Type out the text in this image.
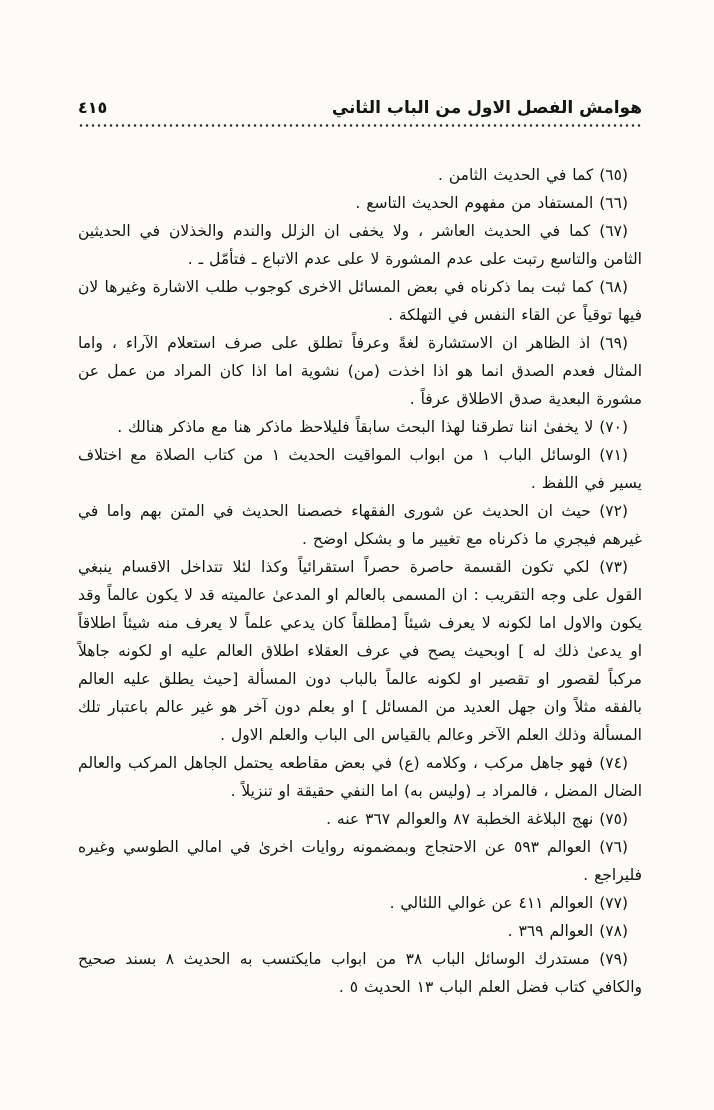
هوامش الفصل الاول من الباب الثاني
٤١٥

(٦٥) كما في الحديث الثامن .

(٦٦) المستفاد من مفهوم الحديث التاسع .

(٦٧) كما في الحديث العاشر ، ولا يخفى ان الزلل والندم والخذلان في الحديثين الثامن والتاسع رتبت على عدم المشورة لا على عدم الاتباع ـ فتأمّل ـ .

(٦٨) كما ثبت بما ذكرناه في بعض المسائل الاخرى كوجوب طلب الاشارة وغيرها لان فيها توقياً عن القاء النفس في التهلكة .

(٦٩) اذ الظاهر ان الاستشارة لغةً وعرفاً تطلق على صرف استعلام الآراء ، واما المثال فعدم الصدق انما هو اذا اخذت (من) نشوية اما اذا كان المراد من عمل عن مشورة البعدية صدق الاطلاق عرفاً .

(٧٠) لا يخفىٰ اننا تطرقنا لهذا البحث سابقاً فليلاحظ ماذكر هنا مع ماذكر هنالك .

(٧١) الوسائل الباب ١ من ابواب المواقيت الحديث ١ من كتاب الصلاة مع اختلاف يسير في اللفظ .

(٧٢) حيث ان الحديث عن شورى الفقهاء خصصنا الحديث في المتن بهم واما في غيرهم فيجري ما ذكرناه مع تغيير ما و بشكل اوضح .

(٧٣) لكي تكون القسمة حاصرة حصراً استقرائياً وكذا لئلا تتداخل الاقسام ينبغي القول على وجه التقريب : ان المسمى بالعالم او المدعىٰ عالميته قد لا يكون عالماً وقد يكون والاول اما لكونه لا يعرف شيئاً [مطلقاً كان يدعي علماً لا يعرف منه شيئاً اطلاقاً او يدعىٰ ذلك له ] اوبحيث يصح في عرف العقلاء اطلاق العالم عليه او لكونه جاهلاً مركباً لقصور او تقصير او لكونه عالماً بالباب دون المسألة [حيث يطلق عليه العالم بالفقه مثلاً وان جهل العديد من المسائل ] او بعلم دون آخر هو غير عالم باعتبار تلك المسألة وذلك العلم الآخر وعالم بالقياس الى الباب والعلم الاول .

(٧٤) فهو جاهل مركب ، وكلامه (ع) في بعض مقاطعه يحتمل الجاهل المركب والعالم الضال المضل ، فالمراد بـ (وليس به) اما النفي حقيقة او تنزيلاً .

(٧٥) نهج البلاغة الخطبة ٨٧ والعوالم ٣٦٧ عنه .

(٧٦) العوالم ٥٩٣ عن الاحتجاج وبمضمونه روايات اخرىٰ في امالي الطوسي وغيره فليراجع .

(٧٧) العوالم ٤١١ عن غوالي اللئالي .

(٧٨) العوالم ٣٦٩ .

(٧٩) مستدرك الوسائل الباب ٣٨ من ابواب مايكتسب به الحديث ٨ بسند صحيح والكافي كتاب فضل العلم الباب ١٣ الحديث ٥ .
